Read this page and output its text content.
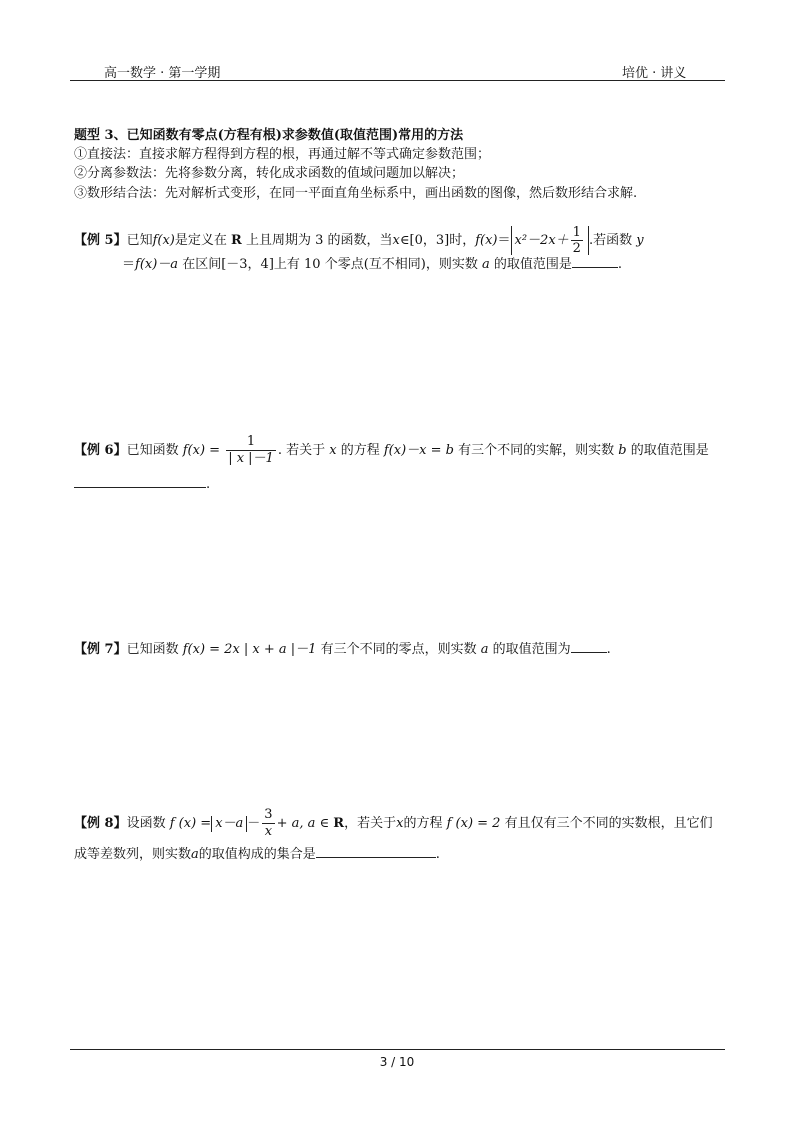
高一数学 · 第一学期	培优 · 讲义
题型 3、已知函数有零点(方程有根)求参数值(取值范围)常用的方法
①直接法：直接求解方程得到方程的根，再通过解不等式确定参数范围；
②分离参数法：先将参数分离，转化成求函数的值域问题加以解决；
③数形结合法：先对解析式变形，在同一平面直角坐标系中，画出函数的图像，然后数形结合求解.
【例 5】已知f(x)是定义在 R 上且周期为 3 的函数，当x∈[0，3]时，$f(x)= x^2-2x+ \frac{1}{2}$ .若函数 y
＝f(x)－a 在区间[－3，4]上有 10 个零点(互不相同)，则实数 a 的取值范围是	.
【例 6】已知函数 $f(x) = \frac{1}{| x |-1}$ . 若关于 x 的方程 f(x)－x = b 有三个不同的实解，则实数 b 的取值范围是
.
【例 7】已知函数 f(x) = 2x | x + a |－1 有三个不同的零点，则实数 a 的取值范围为	.
【例 8】设函数 f $(x) = x-a - \frac{3}{x} + a$, a ∈ R，若关于x的方程 f (x) = 2 有且仅有三个不同的实数根，且它们
成等差数列，则实数a的取值构成的集合是	.
3 / 10
